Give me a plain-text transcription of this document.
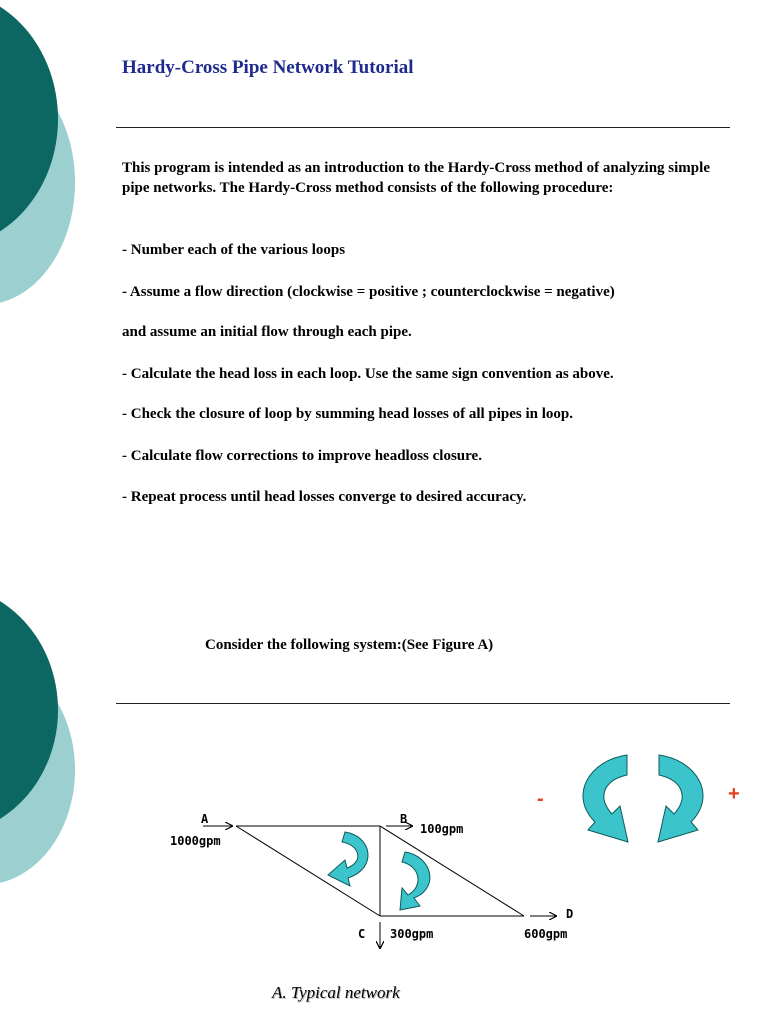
Hardy-Cross Pipe Network Tutorial

This program is intended as an introduction to the Hardy-Cross method of analyzing simple pipe networks. The Hardy-Cross method consists of the following procedure:

- Number each of the various loops
- Assume a flow direction (clockwise = positive ; counterclockwise = negative)
and assume an initial flow through each pipe.
- Calculate the head loss in each loop. Use the same sign convention as above.
- Check the closure of loop by summing head losses of all pipes in loop.
- Calculate flow corrections to improve headloss closure.
- Repeat process until head losses converge to desired accuracy.
Consider the following system:(See Figure A)
-	+
A	B
C
D
1000gpm
100gpm
300gpm	600gpm
A. Typical network
